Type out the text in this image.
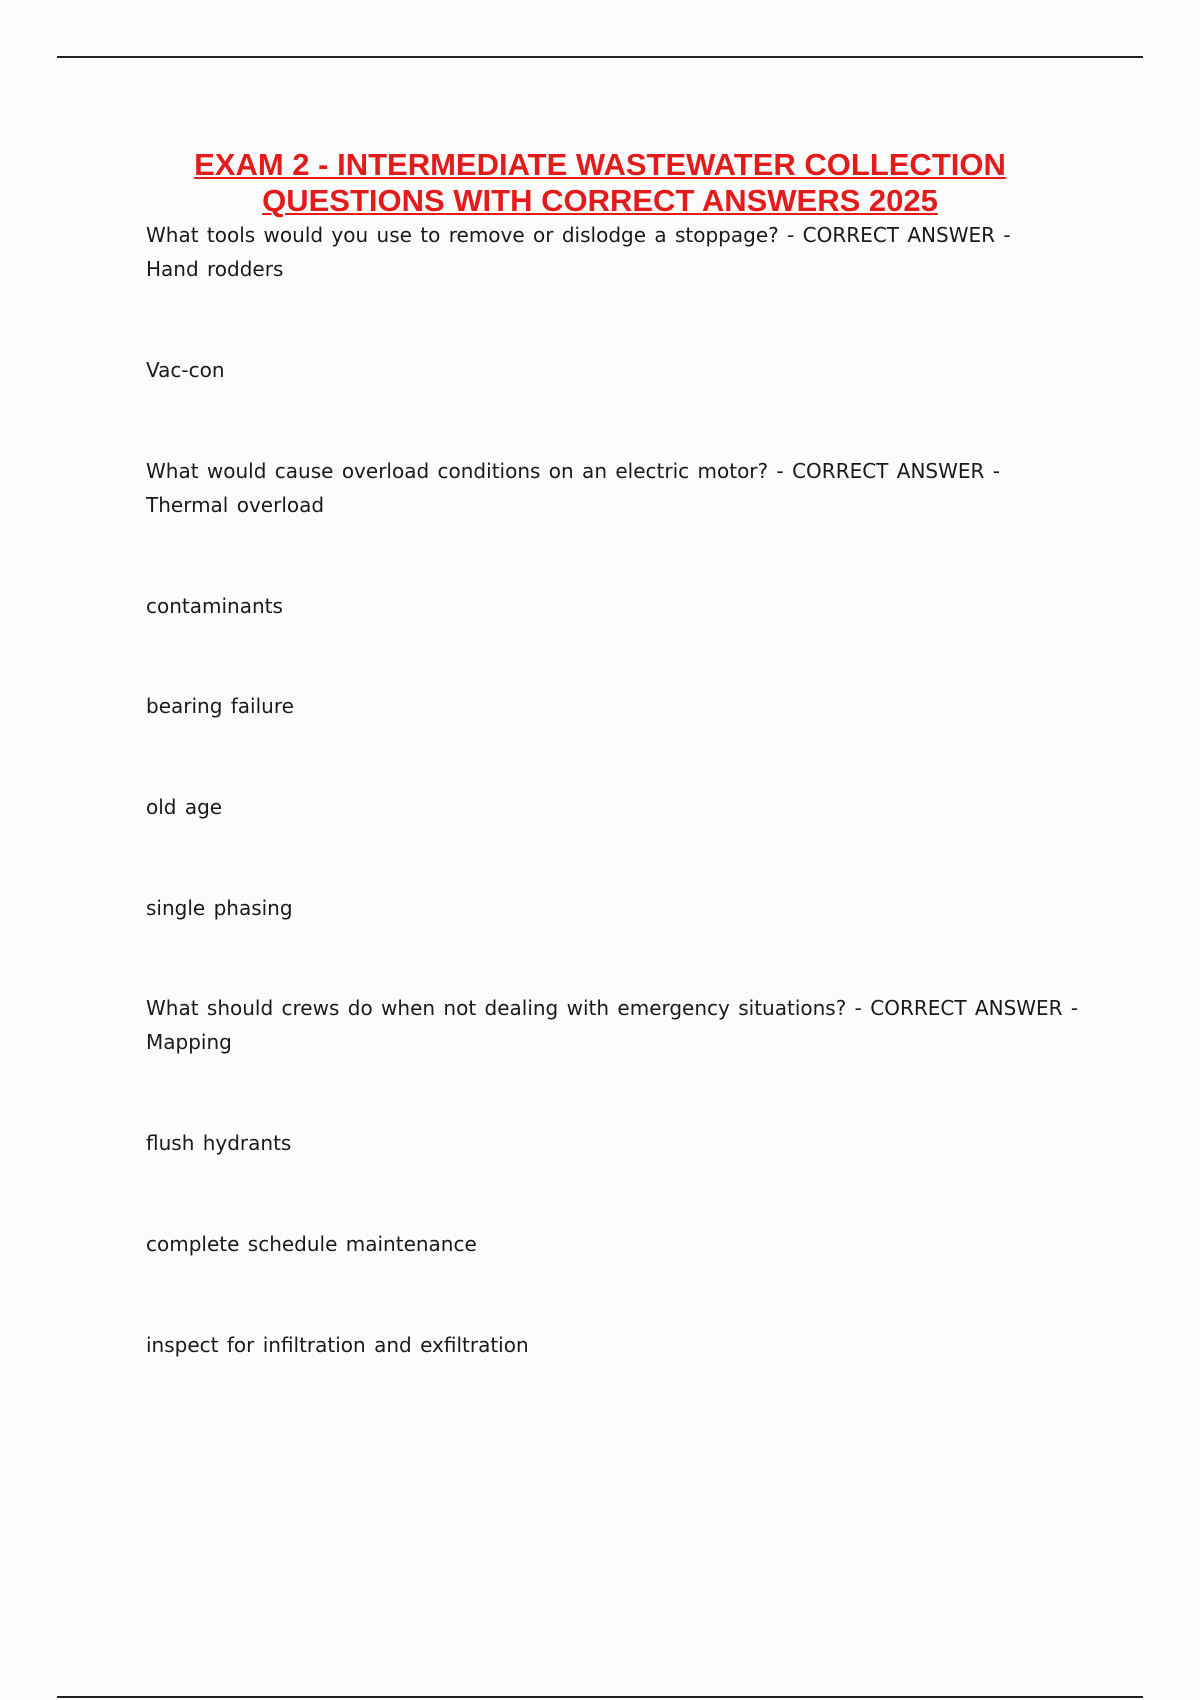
EXAM 2 - INTERMEDIATE WASTEWATER COLLECTION
QUESTIONS WITH CORRECT ANSWERS 2025

What tools would you use to remove or dislodge a stoppage? - CORRECT ANSWER -

Hand rodders

Vac-con

What would cause overload conditions on an electric motor? - CORRECT ANSWER -

Thermal overload

contaminants

bearing failure

old age

single phasing

What should crews do when not dealing with emergency situations? - CORRECT ANSWER -

Mapping

flush hydrants

complete schedule maintenance

inspect for infiltration and exfiltration
